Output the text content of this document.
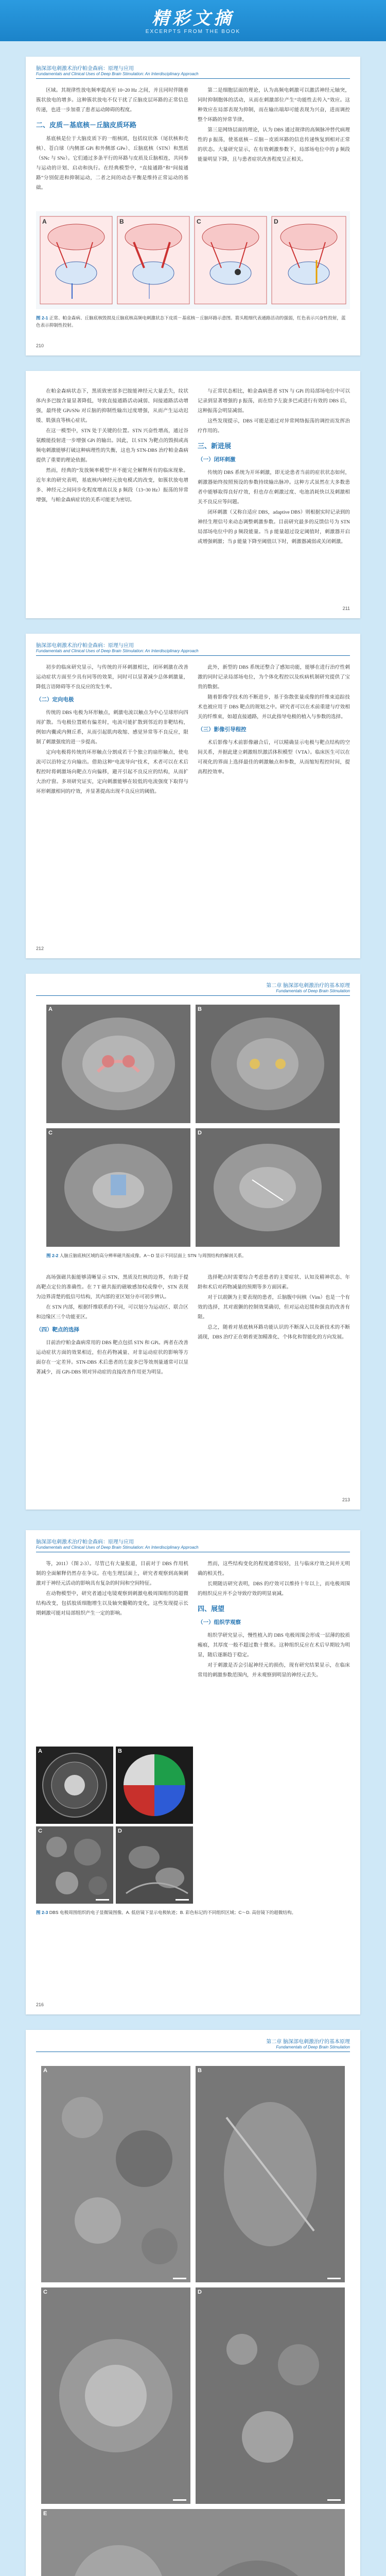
精彩文摘
EXCERPTS FROM THE BOOK
脑深部电刺激术治疗帕金森病：原理与应用
Fundamentals and Clinical Uses of Deep Brain Stimulation: An Interdisciplinary Approach

区域。其规律性放电频率提高至 10~20 Hz 之间，并且同时伴随着簇状放电的增多。这种簇状放电不仅干扰了丘脑皮层环路的正常信息传递，也进一步加重了患者运动障碍的程度。

二、皮质－基底核－丘脑皮质环路

基底核是位于大脑皮质下的一组核团，包括纹状体（尾状核和壳核）、苍白球（内侧部 GPi 和外侧部 GPe）、丘脑底核（STN）和黑质（SNc 与 SNr）。它们通过多条平行的环路与皮质及丘脑相连，共同参与运动的计划、启动和执行。在经典模型中，“直接通路”和“间接通路”分别促进和抑制运动，二者之间的动态平衡是维持正常运动的基础。

第二是细胞层面的理论，认为高频电刺激可以激活神经元轴突，同时抑制胞体的活动，从而在刺激部位产生“功能性去传入”效应。这种效应在局部表现为抑制，而在输出端却可能表现为兴奋，进而调控整个环路的异常节律。

第三是网络层面的理论，认为 DBS 通过规律的高频脉冲替代病理性的 β 振荡，使基底核－丘脑－皮质环路的信息传递恢复到相对正常的状态。大量研究显示，在有效刺激参数下，局部场电位中的 β 频段能量明显下降，且与患者症状改善程度呈正相关。

A	B	C	D
图 2-1 正常、帕金森病、丘脑底核毁损及丘脑底核高频电刺激状态下皮质－基底核－丘脑环路示意图。箭头粗细代表通路活动的强弱，红色表示兴奋性投射，蓝色表示抑制性投射。
210

在帕金森病状态下，黑质致密部多巴胺能神经元大量丢失，纹状体内多巴胺含量显著降低，导致直接通路活动减弱、间接通路活动增强，最终使 GPi/SNr 对丘脑的抑制性输出过度增强，从而产生运动迟缓、肌强直等核心症状。

在这一模型中，STN 处于关键的位置。STN 兴奋性增高，通过谷氨酸能投射进一步增强 GPi 的输出。因此，以 STN 为靶点的毁损或高频电刺激能够打破这种病理性的失衡，这也为 STN-DBS 治疗帕金森病提供了重要的理论依据。

然而，经典的“发放频率模型”并不能完全解释所有的临床现象。近年来的研究表明，基底核内神经元放电模式的改变，如簇状放电增多、神经元之间同步化程度增高以及 β 频段（13~30 Hz）振荡的异常增强，与帕金森病症状的关系可能更为密切。

与正常状态相比，帕金森病患者 STN 与 GPi 的局部场电位中可以记录到显著增强的 β 振荡，而在给予左旋多巴或进行有效的 DBS 后，这种振荡会明显减弱。

这些发现提示，DBS 可能是通过对异常网络振荡的调控而发挥治疗作用的。

三、新进展
（一）闭环刺激

传统的 DBS 系统为开环刺激，即无论患者当前的症状状态如何，刺激器始终按照预设的参数持续输出脉冲。这种方式虽然在大多数患者中能够取得良好疗效，但也存在刺激过度、电池消耗快以及刺激相关不良反应等问题。

闭环刺激（又称自适应 DBS，adaptive DBS）则根据实时记录到的神经生理信号来动态调整刺激参数。目前研究最多的反馈信号为 STN 局部场电位中的 β 频段能量。当 β 能量超过设定阈值时，刺激器开启或增强刺激；当 β 能量下降至阈值以下时，刺激器减弱或关闭刺激。

211
脑深部电刺激术治疗帕金森病：原理与应用
Fundamentals and Clinical Uses of Deep Brain Stimulation: An Interdisciplinary Approach

初步的临床研究显示，与传统的开环刺激相比，闭环刺激在改善运动症状方面至少具有同等的效果，同时可以显著减少总体刺激量，降低言语障碍等不良反应的发生率。

（二）定向电极

传统的 DBS 电极为环形触点，刺激电流以触点为中心呈球形向四周扩散。当电极位置稍有偏差时，电流可能扩散到邻近的非靶结构，例如内囊或内侧丘系，从而引起肌肉收缩、感觉异常等不良反应，限制了刺激强度的进一步提高。

定向电极将传统的环形触点分割成若干个独立的扇形触点，使电流可以沿特定方向输出。借助这种“电流导向”技术，术者可以在术后程控时将刺激场向靶点方向偏移，避开引起不良反应的结构，从而扩大治疗窗。多项研究证实，定向刺激能够在较低的电流强度下取得与环形刺激相同的疗效，并显著提高出现不良反应的阈值。

此外，新型的 DBS 系统还整合了感知功能，能够在进行治疗性刺激的同时记录局部场电位，为个体化程控以及疾病机制研究提供了宝贵的数据。

随着影像学技术的不断进步，基于弥散张量成像的纤维束追踪技术也被应用于 DBS 靶点的规划之中。研究者可以在术前重建与疗效相关的纤维束，如超直接通路，并以此指导电极的植入与参数的选择。

（三）影像引导程控

术后影像与术前影像融合后，可以精确显示电极与靶点结构的空间关系，并据此建立刺激组织激活体积模型（VTA）。临床医生可以在可视化的界面上选择最佳的刺激触点和参数，从而缩短程控时间，提高程控效率。

212
第二章 脑深部电刺激治疗的基本原理
Fundamentals of Deep Brain Stimulation
A	B
C	D
图 2-2 人脑丘脑底核区域的高分辨率磁共振成像。A～D 显示不同层面上 STN 与周围结构的解剖关系。

高场强磁共振能够清晰显示 STN、黑质及红核的边界，有助于提高靶点定位的准确性。在 7 T 磁共振的磁敏感加权成像中，STN 表现为边界清楚的低信号结构，其内部的亚区划分亦可初步辨认。

在 STN 内部，根据纤维联系的不同，可以划分为运动区、联合区和边缘区三个功能亚区。

（四）靶点的选择

目前治疗帕金森病常用的 DBS 靶点包括 STN 和 GPi。两者在改善运动症状方面的效果相近，但在药物减量、对非运动症状的影响等方面存在一定差异。STN-DBS 术后患者的左旋多巴等效剂量通常可以显著减少，而 GPi-DBS 则对异动症的直接改善作用更为明显。

选择靶点时需要综合考虑患者的主要症状、认知及精神状态、年龄和术后对药物减量的预期等多方面因素。

对于以震颤为主要表现的患者，丘脑腹中间核（Vim）也是一个有效的选择，其对震颤的控制效果确切，但对运动迟缓和强直的改善有限。

总之，随着对基底核环路功能认识的不断深入以及新技术的不断涌现，DBS 治疗正在朝着更加精准化、个体化和智能化的方向发展。

213
脑深部电刺激术治疗帕金森病：原理与应用
Fundamentals and Clinical Uses of Deep Brain Stimulation: An Interdisciplinary Approach

等，2011）（图 2-3）。尽管已有大量报道，目前对于 DBS 作用机制的全面解释仍然存在争议。在电生理层面上，研究者观察到高频刺激对于神经元活动的影响具有复杂的时间和空间特征。

在动物模型中，研究者通过电镜观察到刺激电极周围组织的超微结构改变，包括胶质细胞增生以及轴突髓鞘的变化，这些发现提示长期刺激可能对局部组织产生一定的影响。

然而，这些结构变化的程度通常较轻，且与临床疗效之间并无明确的相关性。

长期随访研究表明，DBS 的疗效可以维持十年以上，而电极周围的组织反应并不会导致疗效的明显衰减。

四、展望
（一）组织学观察

组织学研究显示，慢性植入的 DBS 电极周围会形成一层薄的胶质瘢痕，其厚度一般不超过数十微米。这种组织反应在术后早期较为明显，随后逐渐趋于稳定。

对于刺激是否会引起神经元的损伤，现有研究结果显示，在临床常用的刺激参数范围内，并未观察到明显的神经元丢失。

A	B
C	D
图 2-3 DBS 电极周围组织的电子显微镜图像。A. 低倍镜下显示电极轨迹；B. 彩色标记的不同组织区域；C～D. 高倍镜下的超微结构。
216
第二章 脑深部电刺激治疗的基本原理
Fundamentals of Deep Brain Stimulation
A	B
C	D
E
